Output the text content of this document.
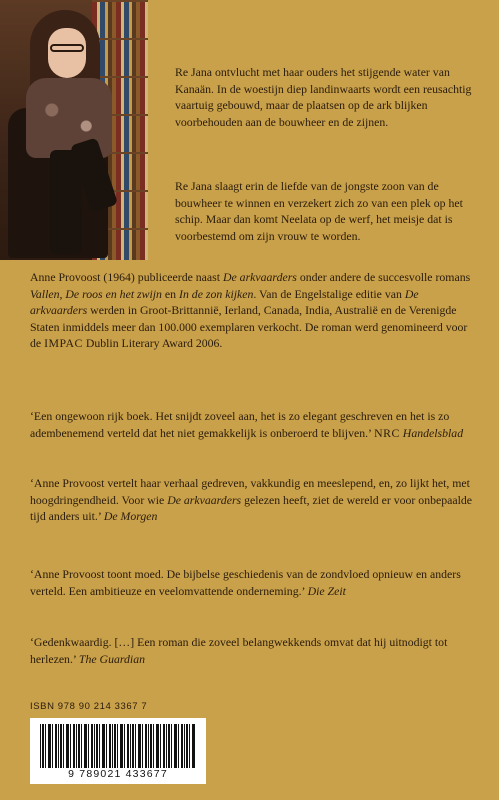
Re Jana ontvlucht met haar ouders het stijgende water van Kanaän. In de woestijn diep landinwaarts wordt een reusachtig vaartuig gebouwd, maar de plaatsen op de ark blijken voorbehouden aan de bouwheer en de zijnen.

Re Jana slaagt erin de liefde van de jongste zoon van de bouwheer te winnen en verzekert zich zo van een plek op het schip. Maar dan komt Neelata op de werf, het meisje dat is voorbestemd om zijn vrouw te worden.

Anne Provoost (1964) publiceerde naast De arkvaarders onder andere de succesvolle romans Vallen, De roos en het zwijn en In de zon kijken. Van de Engelstalige editie van De arkvaarders werden in Groot-Brittannië, Ierland, Canada, India, Australië en de Verenigde Staten inmiddels meer dan 100.000 exemplaren verkocht. De roman werd genomineerd voor de IMPAC Dublin Literary Award 2006.

‘Een ongewoon rijk boek. Het snijdt zoveel aan, het is zo elegant geschreven en het is zo adembenemend verteld dat het niet gemakkelijk is onberoerd te blijven.’ NRC Handelsblad

‘Anne Provoost vertelt haar verhaal gedreven, vakkundig en meeslepend, en, zo lijkt het, met hoogdringendheid. Voor wie De arkvaarders gelezen heeft, ziet de wereld er voor onbepaalde tijd anders uit.’ De Morgen

‘Anne Provoost toont moed. De bijbelse geschiedenis van de zondvloed opnieuw en anders verteld. Een ambitieuze en veelomvattende onderneming.’ Die Zeit

‘Gedenkwaardig. […] Een roman die zoveel belangwekkends omvat dat hij uitnodigt tot herlezen.’ The Guardian

ISBN 978 90 214 3367 7
9 789021 433677
